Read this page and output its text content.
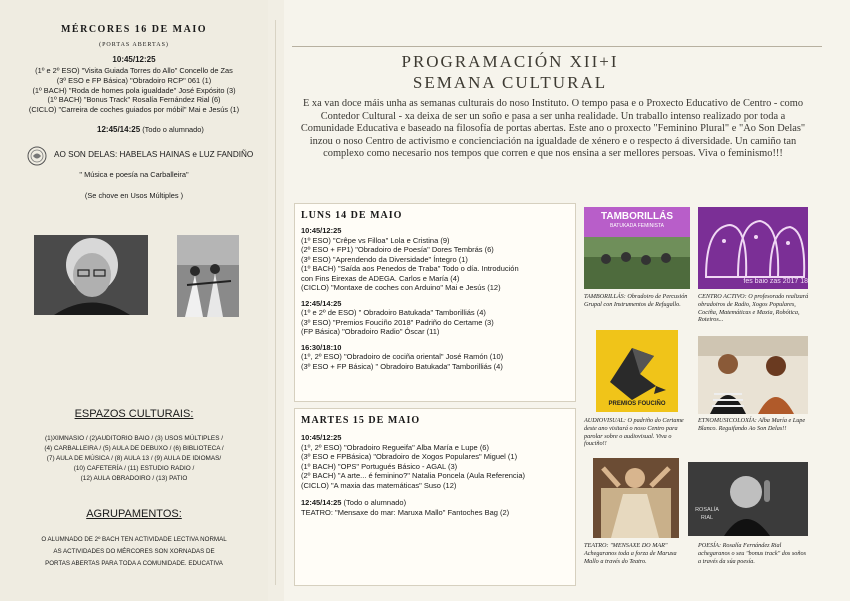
MÉRCORES 16 DE MAIO
(PORTAS ABERTAS)
10:45/12:25
(1º e 2º ESO) "Visita Guiada Torres do Allo" Concello de Zas
(3º ESO e FP Básica) "Obradoiro RCP" 061 (1)
(1º BACH) "Roda de homes pola igualdade" José Expósito (3)
(1º BACH) "Bonus Track" Rosalía Fernández Rial (6)
(CICLO) "Carreira de coches guiados por móbil" Mai e Jesús (1)
12:45/14:25 (Todo o alumnado)
AO SON DELAS: HABELAS HAINAS e LUZ FANDIÑO
" Música e poesía na Carballeira"
(Se chove en Usos Múltiples )
ESPAZOS CULTURAIS:
(1)XIMNASIO / (2)AUDITORIO BAIO / (3) USOS MÚLTIPLES /
(4) CARBALLEIRA / (5) AULA DE DEBUXO / (6) BIBLIOTECA /
(7) AULA DE MÚSICA / (8) AULA 13 / (9) AULA DE IDIOMAS/
(10) CAFETERÍA / (11) ESTUDIO RADIO /
(12) AULA OBRADOIRO / (13) PATIO
AGRUPAMENTOS:
O ALUMNADO DE 2º BACH TEN ACTIVIDADE LECTIVA NORMAL
AS ACTIVIDADES DO MÉRCORES SON XORNADAS DE
PORTAS ABERTAS PARA TODA A COMUNIDADE. EDUCATIVA
PROGRAMACIÓN XII+I
SEMANA CULTURAL
E xa van doce máis unha as semanas culturais do noso Instituto. O tempo pasa e o Proxecto Educativo de Centro - como Contedor Cultural - xa deixa de ser un soño e pasa a ser unha realidade. Un traballo intenso realizado por toda a Comunidade Educativa e baseado na filosofía de portas abertas. Este ano o proxecto "Feminino Plural" e "Ao Son Delas" inzou o noso Centro de activismo e concienciación na igualdade de xénero e o respecto á diversidade. Un camiño tan complexo como necesario nos tempos que corren e que nos ensina a ser mellores persoas. Viva o feminismo!!!
LUNS 14 DE MAIO
10:45/12:25
(1º ESO) "Crêpe vs Filloa" Lola e Cristina (9)
(2º ESO + FP1) "Obradoiro de Poesía" Dores Tembrás (6)
(3º ESO) "Aprendendo da Diversidade" Íntegro (1)
(1º BACH) "Saída aos Penedos de Traba" Todo o día. Introdución
con Fins Eirexas de ADEGA. Carlos e María (4)
(CICLO) "Montaxe de coches con Arduino" Mai e Jesús (12)
12:45/14:25
(1º e 2º de ESO) " Obradoiro Batukada" Tamborilliás (4)
(3º ESO) "Premios Fouciño 2018" Padriño do Certame (3)
(FP Básica) "Obradoiro Radio" Óscar (11)
16:30/18:10
(1º, 2º ESO) "Obradoiro de cociña oriental" José Ramón (10)
(3º ESO + FP Básica) " Obradoiro Batukada" Tamborilliás (4)
MARTES 15 DE MAIO
10:45/12:25
(1º, 2º ESO) "Obradoiro Regueifa" Alba María e Lupe (6)
(3º ESO e FPBásica) "Obradoiro de Xogos Populares" Miguel (1)
(1º BACH) "OPS" Portugués Básico - AGAL (3)
(2º BACH) "A arte... é feminino?" Natalia Poncela (Aula Referencia)
(CICLO) "A maxia das matemáticas" Suso (12)
12:45/14:25 (Todo o alumnado)
TEATRO: "Mensaxe do mar: Maruxa Mallo" Fantoches Bag (2)
TAMBORILLÁS
BATUKADA FEMINISTA
fes baio zas 2017 18
PREMIOS FOUCIÑO
ROSALÍA RIAL
TAMBORILLÁS: Obradoiro de Percusión Grupal con Instrumentos de Refugallo.
CENTRO ACTIVO: O profesorado realizará obradoiros de Radio, Xogos Populares, Cociña, Matemáticas e Maxia, Robótica, Roteiros...
AUDIOVISUAL: O padriño do Certame deste ano visitará o noso Centro para parolar sobre o audiovisual. Viva o fouciño!!
ETNOMUSICOLOXÍA: Alba María e Lupe Blanco. Reguifando Ao Son Delas!!
TEATRO: "MENSAXE DO MAR" Achegaranos toda a forza de Maruxa Mallo a través do Teatro.
POESÍA: Rosalía Fernández Rial achegaranos o seu "bonus track" dos soños a través da súa poesía.
